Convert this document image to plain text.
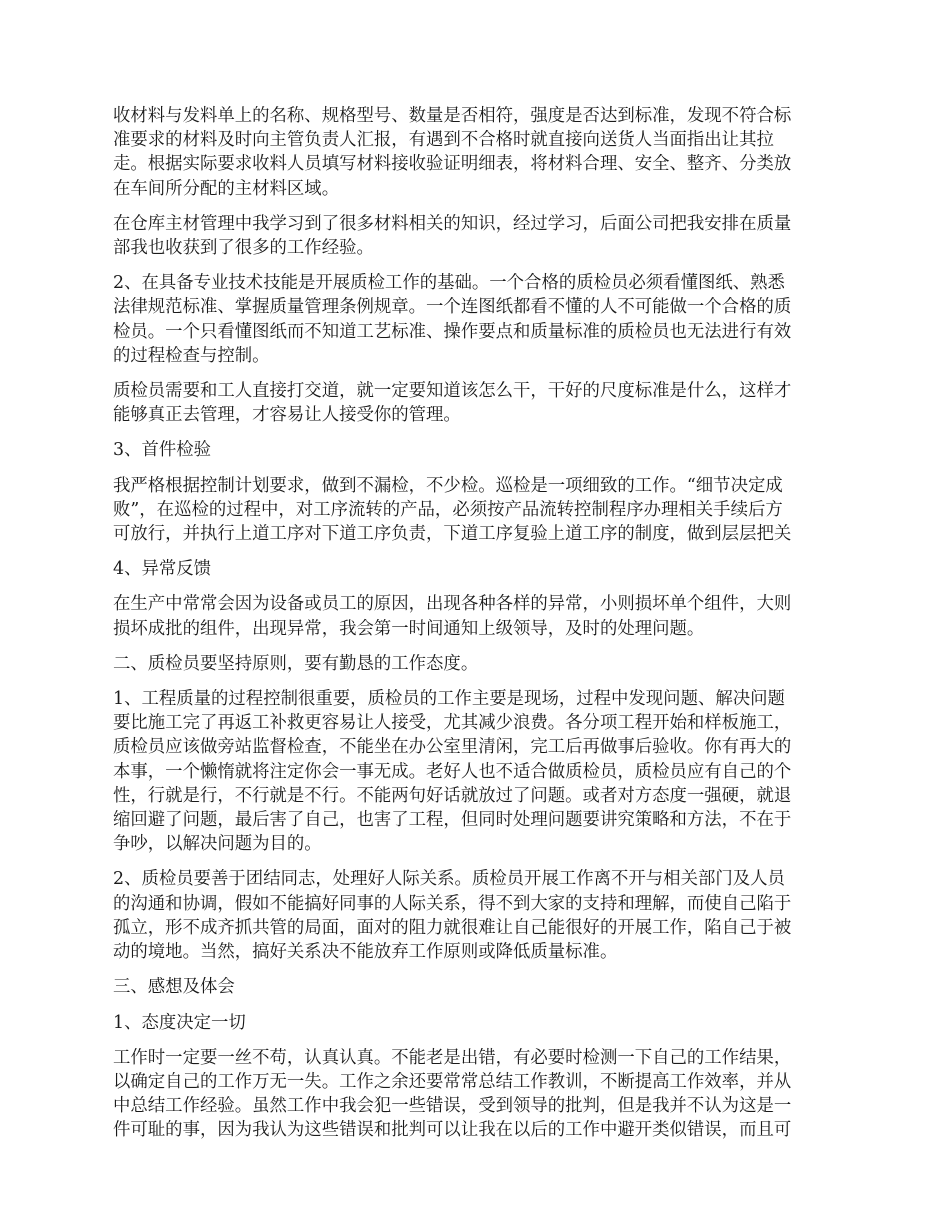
收材料与发料单上的名称、规格型号、数量是否相符，强度是否达到标准，发现不符合标
准要求的材料及时向主管负责人汇报，有遇到不合格时就直接向送货人当面指出让其拉
走。根据实际要求收料人员填写材料接收验证明细表，将材料合理、安全、整齐、分类放
在车间所分配的主材料区域。

在仓库主材管理中我学习到了很多材料相关的知识，经过学习，后面公司把我安排在质量
部我也收获到了很多的工作经验。

2、在具备专业技术技能是开展质检工作的基础。一个合格的质检员必须看懂图纸、熟悉
法律规范标准、掌握质量管理条例规章。一个连图纸都看不懂的人不可能做一个合格的质
检员。一个只看懂图纸而不知道工艺标准、操作要点和质量标准的质检员也无法进行有效
的过程检查与控制。

质检员需要和工人直接打交道，就一定要知道该怎么干，干好的尺度标准是什么，这样才
能够真正去管理，才容易让人接受你的管理。

3、首件检验

我严格根据控制计划要求，做到不漏检，不少检。巡检是一项细致的工作。“细节决定成
败”，在巡检的过程中，对工序流转的产品，必须按产品流转控制程序办理相关手续后方
可放行，并执行上道工序对下道工序负责，下道工序复验上道工序的制度，做到层层把关

4、异常反馈

在生产中常常会因为设备或员工的原因，出现各种各样的异常，小则损坏单个组件，大则
损坏成批的组件，出现异常，我会第一时间通知上级领导，及时的处理问题。

二、质检员要坚持原则，要有勤恳的工作态度。

1、工程质量的过程控制很重要，质检员的工作主要是现场，过程中发现问题、解决问题
要比施工完了再返工补救更容易让人接受，尤其减少浪费。各分项工程开始和样板施工，
质检员应该做旁站监督检查，不能坐在办公室里清闲，完工后再做事后验收。你有再大的
本事，一个懒惰就将注定你会一事无成。老好人也不适合做质检员，质检员应有自己的个
性，行就是行，不行就是不行。不能两句好话就放过了问题。或者对方态度一强硬，就退
缩回避了问题，最后害了自己，也害了工程，但同时处理问题要讲究策略和方法，不在于
争吵，以解决问题为目的。

2、质检员要善于团结同志，处理好人际关系。质检员开展工作离不开与相关部门及人员
的沟通和协调，假如不能搞好同事的人际关系，得不到大家的支持和理解，而使自己陷于
孤立，形不成齐抓共管的局面，面对的阻力就很难让自己能很好的开展工作，陷自己于被
动的境地。当然，搞好关系决不能放弃工作原则或降低质量标准。

三、感想及体会

1、态度决定一切

工作时一定要一丝不苟，认真认真。不能老是出错，有必要时检测一下自己的工作结果，
以确定自己的工作万无一失。工作之余还要常常总结工作教训，不断提高工作效率，并从
中总结工作经验。虽然工作中我会犯一些错误，受到领导的批判，但是我并不认为这是一
件可耻的事，因为我认为这些错误和批判可以让我在以后的工作中避开类似错误，而且可
